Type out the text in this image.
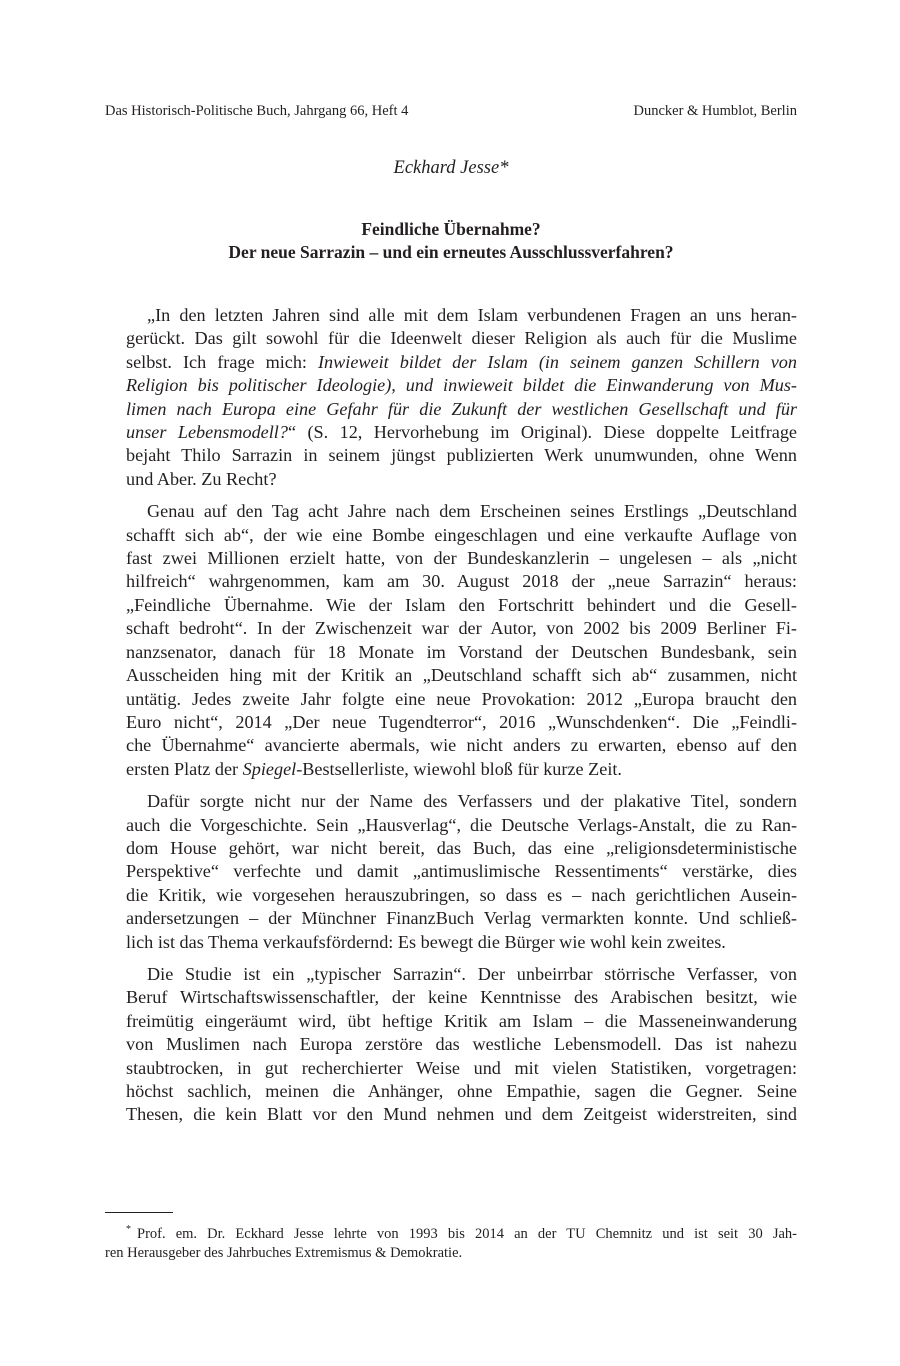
Das Historisch-Politische Buch, Jahrgang 66, Heft 4	Duncker & Humblot, Berlin
Eckhard Jesse*
Feindliche Übernahme?
Der neue Sarrazin – und ein erneutes Ausschlussverfahren?
„In den letzten Jahren sind alle mit dem Islam verbundenen Fragen an uns heran-
gerückt. Das gilt sowohl für die Ideenwelt dieser Religion als auch für die Muslime
selbst. Ich frage mich: Inwieweit bildet der Islam (in seinem ganzen Schillern von
Religion bis politischer Ideologie), und inwieweit bildet die Einwanderung von Mus-
limen nach Europa eine Gefahr für die Zukunft der westlichen Gesellschaft und für
unser Lebensmodell?“ (S. 12, Hervorhebung im Original). Diese doppelte Leitfrage
bejaht Thilo Sarrazin in seinem jüngst publizierten Werk unumwunden, ohne Wenn
und Aber. Zu Recht?
Genau auf den Tag acht Jahre nach dem Erscheinen seines Erstlings „Deutschland
schafft sich ab“, der wie eine Bombe eingeschlagen und eine verkaufte Auflage von
fast zwei Millionen erzielt hatte, von der Bundeskanzlerin – ungelesen – als „nicht
hilfreich“ wahrgenommen, kam am 30. August 2018 der „neue Sarrazin“ heraus:
„Feindliche Übernahme. Wie der Islam den Fortschritt behindert und die Gesell-
schaft bedroht“. In der Zwischenzeit war der Autor, von 2002 bis 2009 Berliner Fi-
nanzsenator, danach für 18 Monate im Vorstand der Deutschen Bundesbank, sein
Ausscheiden hing mit der Kritik an „Deutschland schafft sich ab“ zusammen, nicht
untätig. Jedes zweite Jahr folgte eine neue Provokation: 2012 „Europa braucht den
Euro nicht“, 2014 „Der neue Tugendterror“, 2016 „Wunschdenken“. Die „Feindli-
che Übernahme“ avancierte abermals, wie nicht anders zu erwarten, ebenso auf den
ersten Platz der Spiegel-Bestsellerliste, wiewohl bloß für kurze Zeit.
Dafür sorgte nicht nur der Name des Verfassers und der plakative Titel, sondern
auch die Vorgeschichte. Sein „Hausverlag“, die Deutsche Verlags-Anstalt, die zu Ran-
dom House gehört, war nicht bereit, das Buch, das eine „religionsdeterministische
Perspektive“ verfechte und damit „antimuslimische Ressentiments“ verstärke, dies
die Kritik, wie vorgesehen herauszubringen, so dass es – nach gerichtlichen Ausein-
andersetzungen – der Münchner FinanzBuch Verlag vermarkten konnte. Und schließ-
lich ist das Thema verkaufsfördernd: Es bewegt die Bürger wie wohl kein zweites.
Die Studie ist ein „typischer Sarrazin“. Der unbeirrbar störrische Verfasser, von
Beruf Wirtschaftswissenschaftler, der keine Kenntnisse des Arabischen besitzt, wie
freimütig eingeräumt wird, übt heftige Kritik am Islam – die Masseneinwanderung
von Muslimen nach Europa zerstöre das westliche Lebensmodell. Das ist nahezu
staubtrocken, in gut recherchierter Weise und mit vielen Statistiken, vorgetragen:
höchst sachlich, meinen die Anhänger, ohne Empathie, sagen die Gegner. Seine
Thesen, die kein Blatt vor den Mund nehmen und dem Zeitgeist widerstreiten, sind
* Prof. em. Dr. Eckhard Jesse lehrte von 1993 bis 2014 an der TU Chemnitz und ist seit 30 Jah-
ren Herausgeber des Jahrbuches Extremismus & Demokratie.
